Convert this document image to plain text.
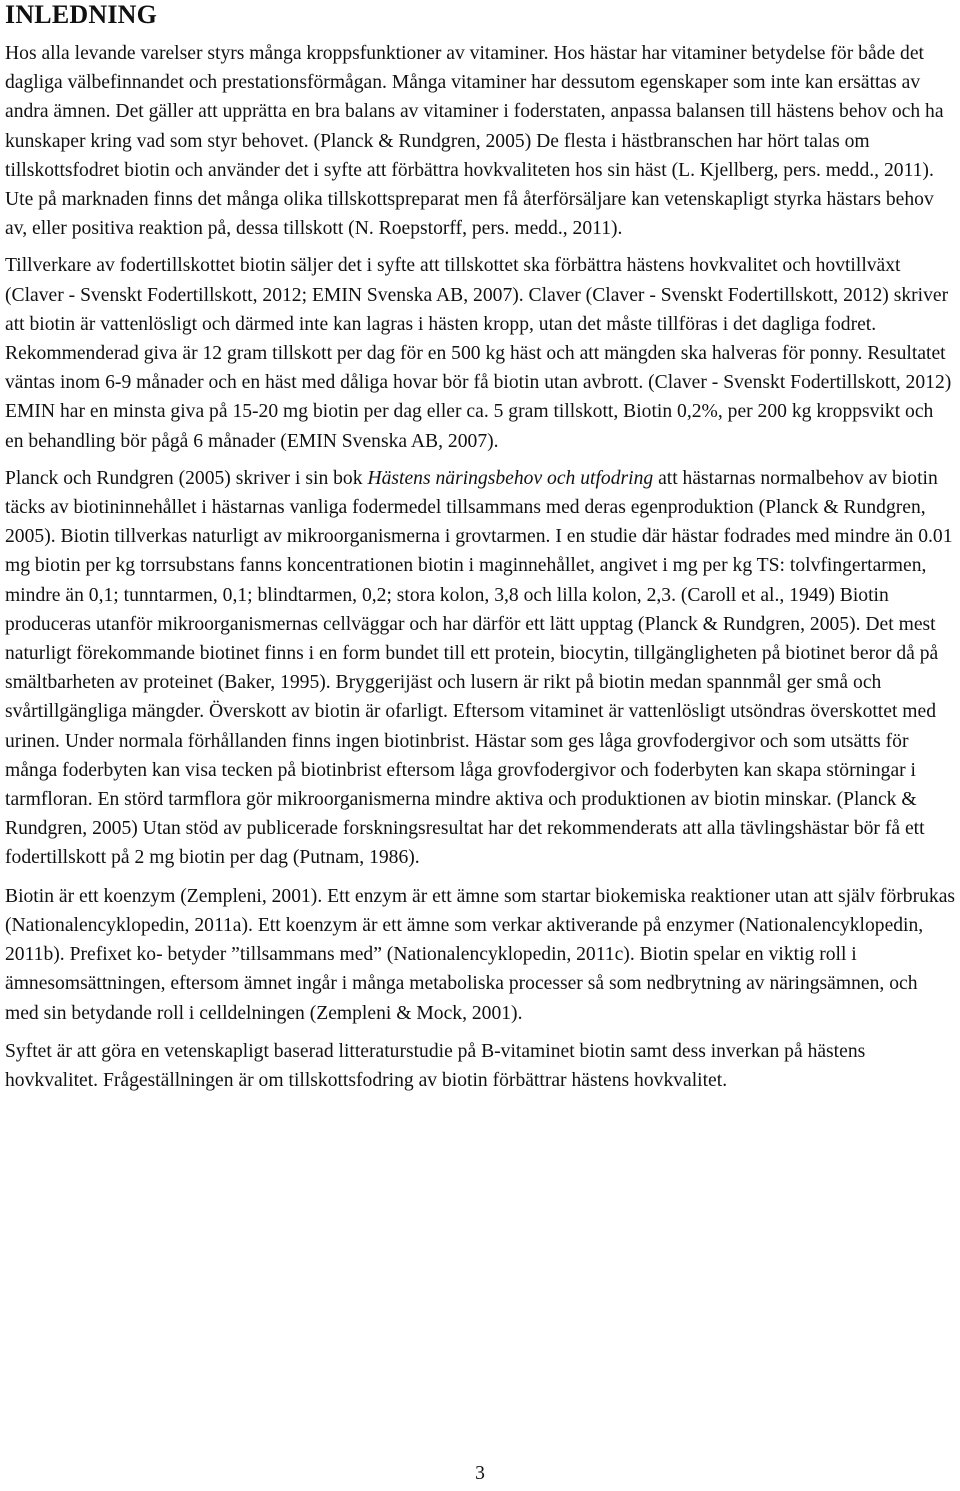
INLEDNING

Hos alla levande varelser styrs många kroppsfunktioner av vitaminer. Hos hästar har vitaminer betydelse för både det dagliga välbefinnandet och prestationsförmågan. Många vitaminer har dessutom egenskaper som inte kan ersättas av andra ämnen. Det gäller att upprätta en bra balans av vitaminer i foderstaten, anpassa balansen till hästens behov och ha kunskaper kring vad som styr behovet. (Planck & Rundgren, 2005) De flesta i hästbranschen har hört talas om tillskottsfodret biotin och använder det i syfte att förbättra hovkvaliteten hos sin häst (L. Kjellberg, pers. medd., 2011). Ute på marknaden finns det många olika tillskottspreparat men få återförsäljare kan vetenskapligt styrka hästars behov av, eller positiva reaktion på, dessa tillskott (N. Roepstorff, pers. medd., 2011).

Tillverkare av fodertillskottet biotin säljer det i syfte att tillskottet ska förbättra hästens hovkvalitet och hovtillväxt (Claver - Svenskt Fodertillskott, 2012; EMIN Svenska AB, 2007). Claver (Claver - Svenskt Fodertillskott, 2012) skriver att biotin är vattenlösligt och därmed inte kan lagras i hästen kropp, utan det måste tillföras i det dagliga fodret. Rekommenderad giva är 12 gram tillskott per dag för en 500 kg häst och att mängden ska halveras för ponny. Resultatet väntas inom 6-9 månader och en häst med dåliga hovar bör få biotin utan avbrott. (Claver - Svenskt Fodertillskott, 2012) EMIN har en minsta giva på 15-20 mg biotin per dag eller ca. 5 gram tillskott, Biotin 0,2%, per 200 kg kroppsvikt och en behandling bör pågå 6 månader (EMIN Svenska AB, 2007).

Planck och Rundgren (2005) skriver i sin bok Hästens näringsbehov och utfodring att hästarnas normalbehov av biotin täcks av biotininnehållet i hästarnas vanliga fodermedel tillsammans med deras egenproduktion (Planck & Rundgren, 2005). Biotin tillverkas naturligt av mikroorganismerna i grovtarmen. I en studie där hästar fodrades med mindre än 0.01 mg biotin per kg torrsubstans fanns koncentrationen biotin i maginnehållet, angivet i mg per kg TS: tolvfingertarmen, mindre än 0,1; tunntarmen, 0,1; blindtarmen, 0,2; stora kolon, 3,8 och lilla kolon, 2,3. (Caroll et al., 1949) Biotin produceras utanför mikroorganismernas cellväggar och har därför ett lätt upptag (Planck & Rundgren, 2005). Det mest naturligt förekommande biotinet finns i en form bundet till ett protein, biocytin, tillgängligheten på biotinet beror då på smältbarheten av proteinet (Baker, 1995). Bryggerijäst och lusern är rikt på biotin medan spannmål ger små och svårtillgängliga mängder. Överskott av biotin är ofarligt. Eftersom vitaminet är vattenlösligt utsöndras överskottet med urinen. Under normala förhållanden finns ingen biotinbrist. Hästar som ges låga grovfodergivor och som utsätts för många foderbyten kan visa tecken på biotinbrist eftersom låga grovfodergivor och foderbyten kan skapa störningar i tarmfloran. En störd tarmflora gör mikroorganismerna mindre aktiva och produktionen av biotin minskar. (Planck & Rundgren, 2005) Utan stöd av publicerade forskningsresultat har det rekommenderats att alla tävlingshästar bör få ett fodertillskott på 2 mg biotin per dag (Putnam, 1986).

Biotin är ett koenzym (Zempleni, 2001). Ett enzym är ett ämne som startar biokemiska reaktioner utan att själv förbrukas (Nationalencyklopedin, 2011a). Ett koenzym är ett ämne som verkar aktiverande på enzymer (Nationalencyklopedin, 2011b). Prefixet ko- betyder ”tillsammans med” (Nationalencyklopedin, 2011c). Biotin spelar en viktig roll i ämnesomsättningen, eftersom ämnet ingår i många metaboliska processer så som nedbrytning av näringsämnen, och med sin betydande roll i celldelningen (Zempleni & Mock, 2001).

Syftet är att göra en vetenskapligt baserad litteraturstudie på B-vitaminet biotin samt dess inverkan på hästens hovkvalitet. Frågeställningen är om tillskottsfodring av biotin förbättrar hästens hovkvalitet.

3
